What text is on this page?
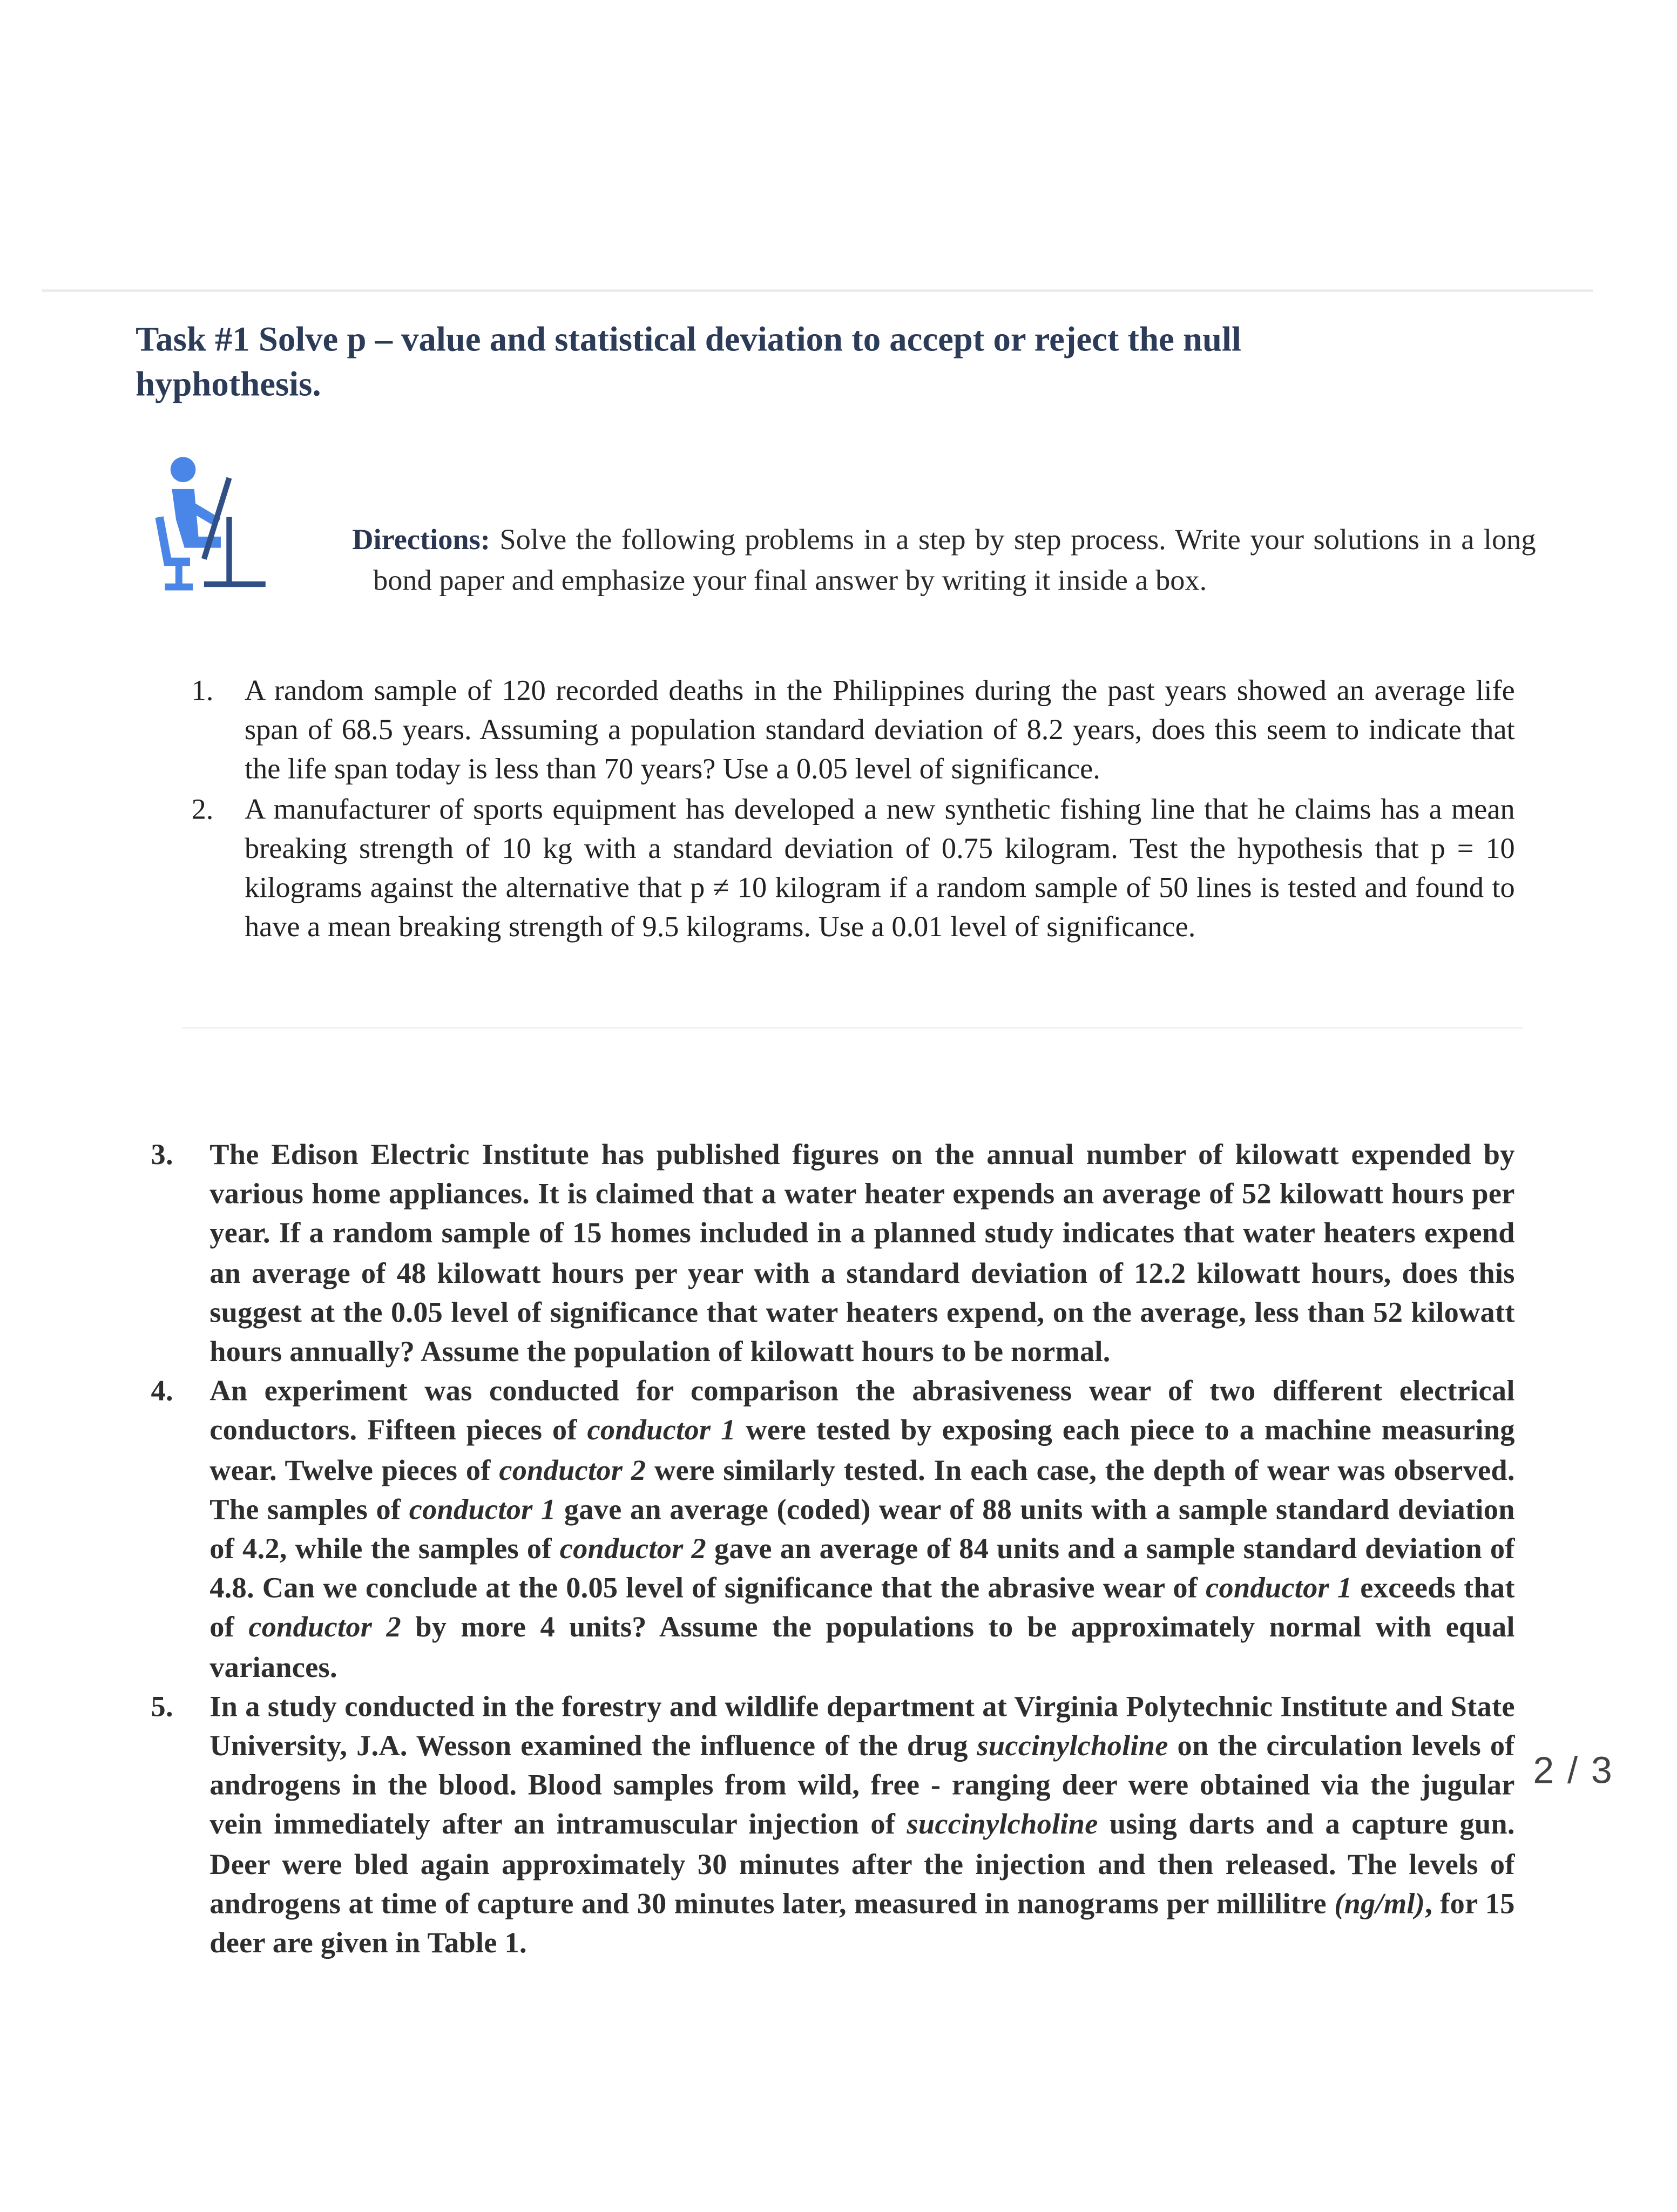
Task #1 Solve p – value and statistical deviation to accept or reject the null hyphothesis.
Directions: Solve the following problems in a step by step process. Write your solutions in a long bond paper and emphasize your final answer by writing it inside a box.
1.	A random sample of 120 recorded deaths in the Philippines during the past years showed an average life span of 68.5 years. Assuming a population standard deviation of 8.2 years, does this seem to indicate that the life span today is less than 70 years? Use a 0.05 level of significance.
2.	A manufacturer of sports equipment has developed a new synthetic fishing line that he claims has a mean breaking strength of 10 kg with a standard deviation of 0.75 kilogram. Test the hypothesis that p = 10 kilograms against the alternative that p ≠ 10 kilogram if a random sample of 50 lines is tested and found to have a mean breaking strength of 9.5 kilograms. Use a 0.01 level of significance.
3.	The Edison Electric Institute has published figures on the annual number of kilowatt expended by various home appliances. It is claimed that a water heater expends an average of 52 kilowatt hours per year. If a random sample of 15 homes included in a planned study indicates that water heaters expend an average of 48 kilowatt hours per year with a standard deviation of 12.2 kilowatt hours, does this suggest at the 0.05 level of significance that water heaters expend, on the average, less than 52 kilowatt hours annually? Assume the population of kilowatt hours to be normal.
4.	An experiment was conducted for comparison the abrasiveness wear of two different electrical conductors. Fifteen pieces of conductor 1 were tested by exposing each piece to a machine measuring wear. Twelve pieces of conductor 2 were similarly tested. In each case, the depth of wear was observed. The samples of conductor 1 gave an average (coded) wear of 88 units with a sample standard deviation of 4.2, while the samples of conductor 2 gave an average of 84 units and a sample standard deviation of 4.8. Can we conclude at the 0.05 level of significance that the abrasive wear of conductor 1 exceeds that of conductor 2 by more 4 units? Assume the populations to be approximately normal with equal variances.
5.	In a study conducted in the forestry and wildlife department at Virginia Polytechnic Institute and State University, J.A. Wesson examined the influence of the drug succinylcholine on the circulation levels of androgens in the blood. Blood samples from wild, free - ranging deer were obtained via the jugular vein immediately after an intramuscular injection of succinylcholine using darts and a capture gun. Deer were bled again approximately 30 minutes after the injection and then released. The levels of androgens at time of capture and 30 minutes later, measured in nanograms per millilitre (ng/ml), for 15 deer are given in Table 1.
2 / 3
